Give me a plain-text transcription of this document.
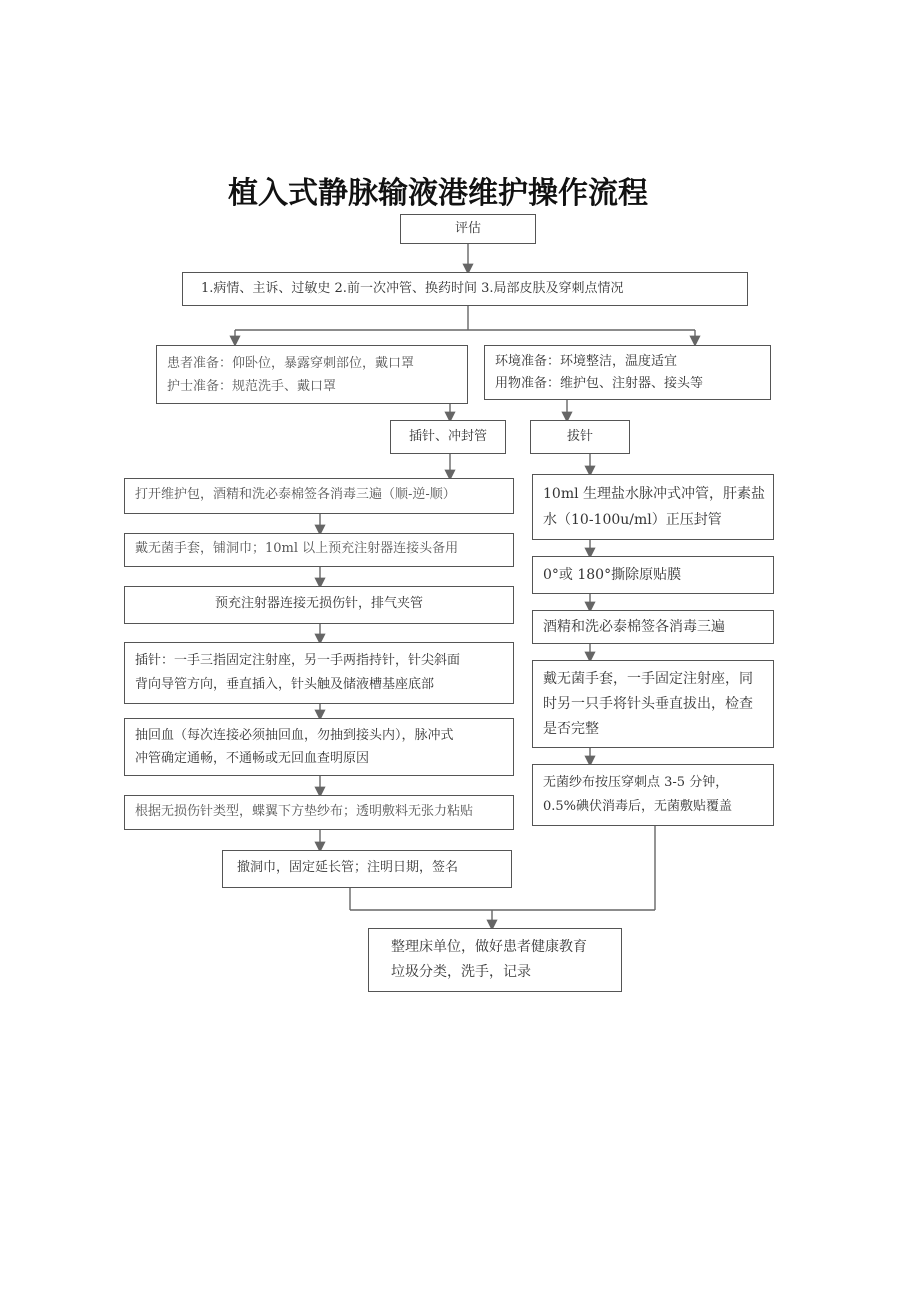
植入式静脉输液港维护操作流程
评估
1.病情、主诉、过敏史 2.前一次冲管、换药时间 3.局部皮肤及穿刺点情况
患者准备：仰卧位，暴露穿刺部位，戴口罩
护士准备：规范洗手、戴口罩
环境准备：环境整洁，温度适宜
用物准备：维护包、注射器、接头等
插针、冲封管	拔针
打开维护包，酒精和洗必泰棉签各消毒三遍（顺-逆-顺）
戴无菌手套，铺洞巾；10ml 以上预充注射器连接头备用
预充注射器连接无损伤针，排气夹管
插针：一手三指固定注射座，另一手两指持针，针尖斜面
背向导管方向，垂直插入，针头触及储液槽基座底部
抽回血（每次连接必须抽回血，勿抽到接头内），脉冲式
冲管确定通畅，不通畅或无回血查明原因
根据无损伤针类型，蝶翼下方垫纱布；透明敷料无张力粘贴
撤洞巾，固定延长管；注明日期，签名
10ml 生理盐水脉冲式冲管，肝素盐
水（10-100u/ml）正压封管
0°或 180°撕除原贴膜
酒精和洗必泰棉签各消毒三遍
戴无菌手套，一手固定注射座，同
时另一只手将针头垂直拔出，检查
是否完整
无菌纱布按压穿刺点 3-5 分钟，
0.5%碘伏消毒后，无菌敷贴覆盖
整理床单位，做好患者健康教育
垃圾分类，洗手，记录
